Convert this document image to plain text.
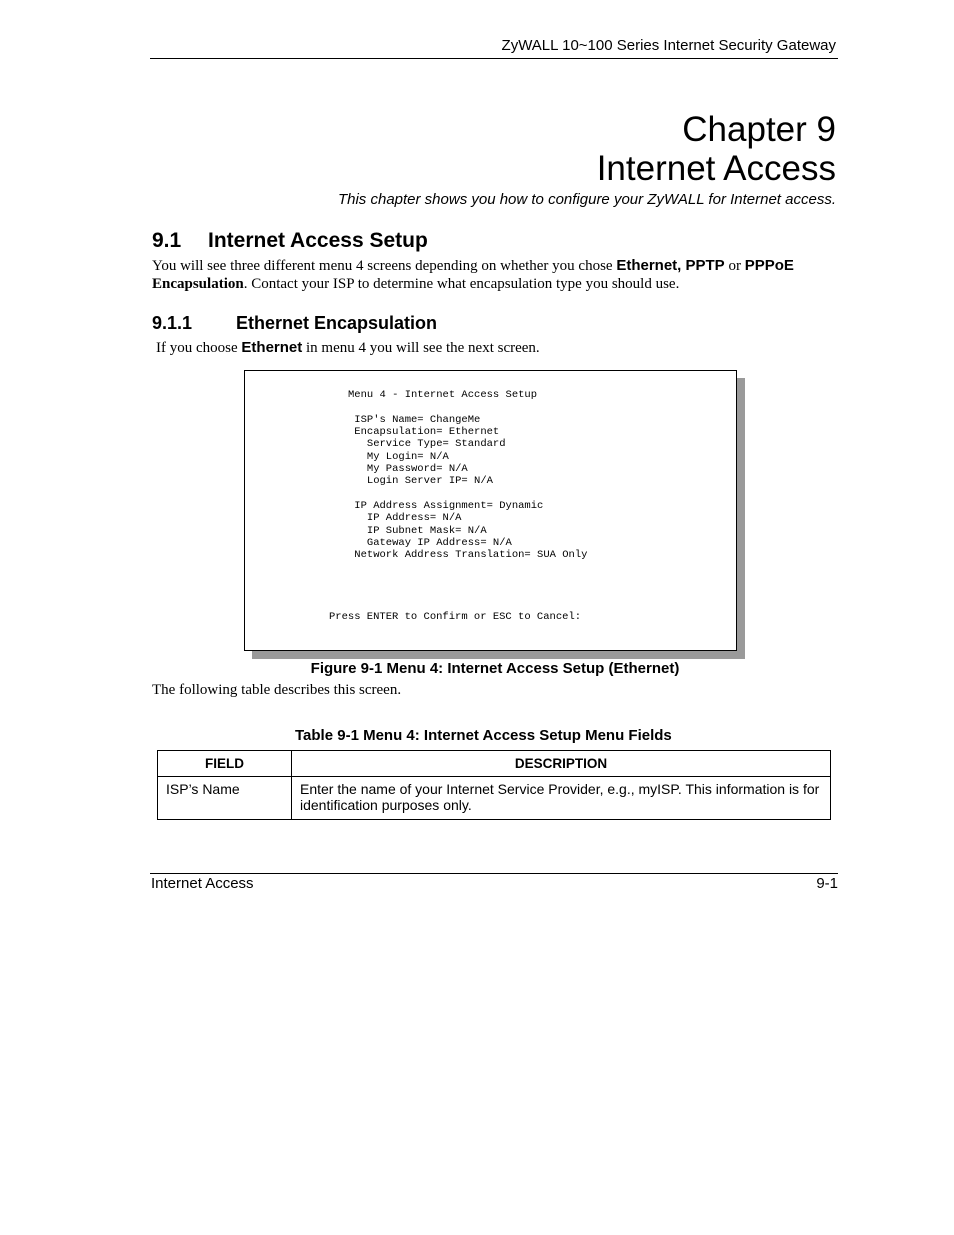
ZyWALL 10~100 Series Internet Security Gateway
Chapter 9
Internet Access
This chapter shows you how to configure your ZyWALL for Internet access.
9.1 Internet Access Setup
You will see three different menu 4 screens depending on whether you chose Ethernet, PPTP or PPPoE
Encapsulation. Contact your ISP to determine what encapsulation type you should use.
9.1.1 Ethernet Encapsulation
If you choose Ethernet in menu 4 you will see the next screen.
Menu 4 - Internet Access Setup

ISP's Name= ChangeMe
Encapsulation= Ethernet
Service Type= Standard
My Login= N/A
My Password= N/A
Login Server IP= N/A

IP Address Assignment= Dynamic
IP Address= N/A
IP Subnet Mask= N/A
Gateway IP Address= N/A
Network Address Translation= SUA Only
Press ENTER to Confirm or ESC to Cancel:
Figure 9-1 Menu 4: Internet Access Setup (Ethernet)
The following table describes this screen.
Table 9-1 Menu 4: Internet Access Setup Menu Fields
FIELD	DESCRIPTION
ISP’s Name	Enter the name of your Internet Service Provider, e.g., myISP. This information is for identification purposes only.
Internet Access	9-1
